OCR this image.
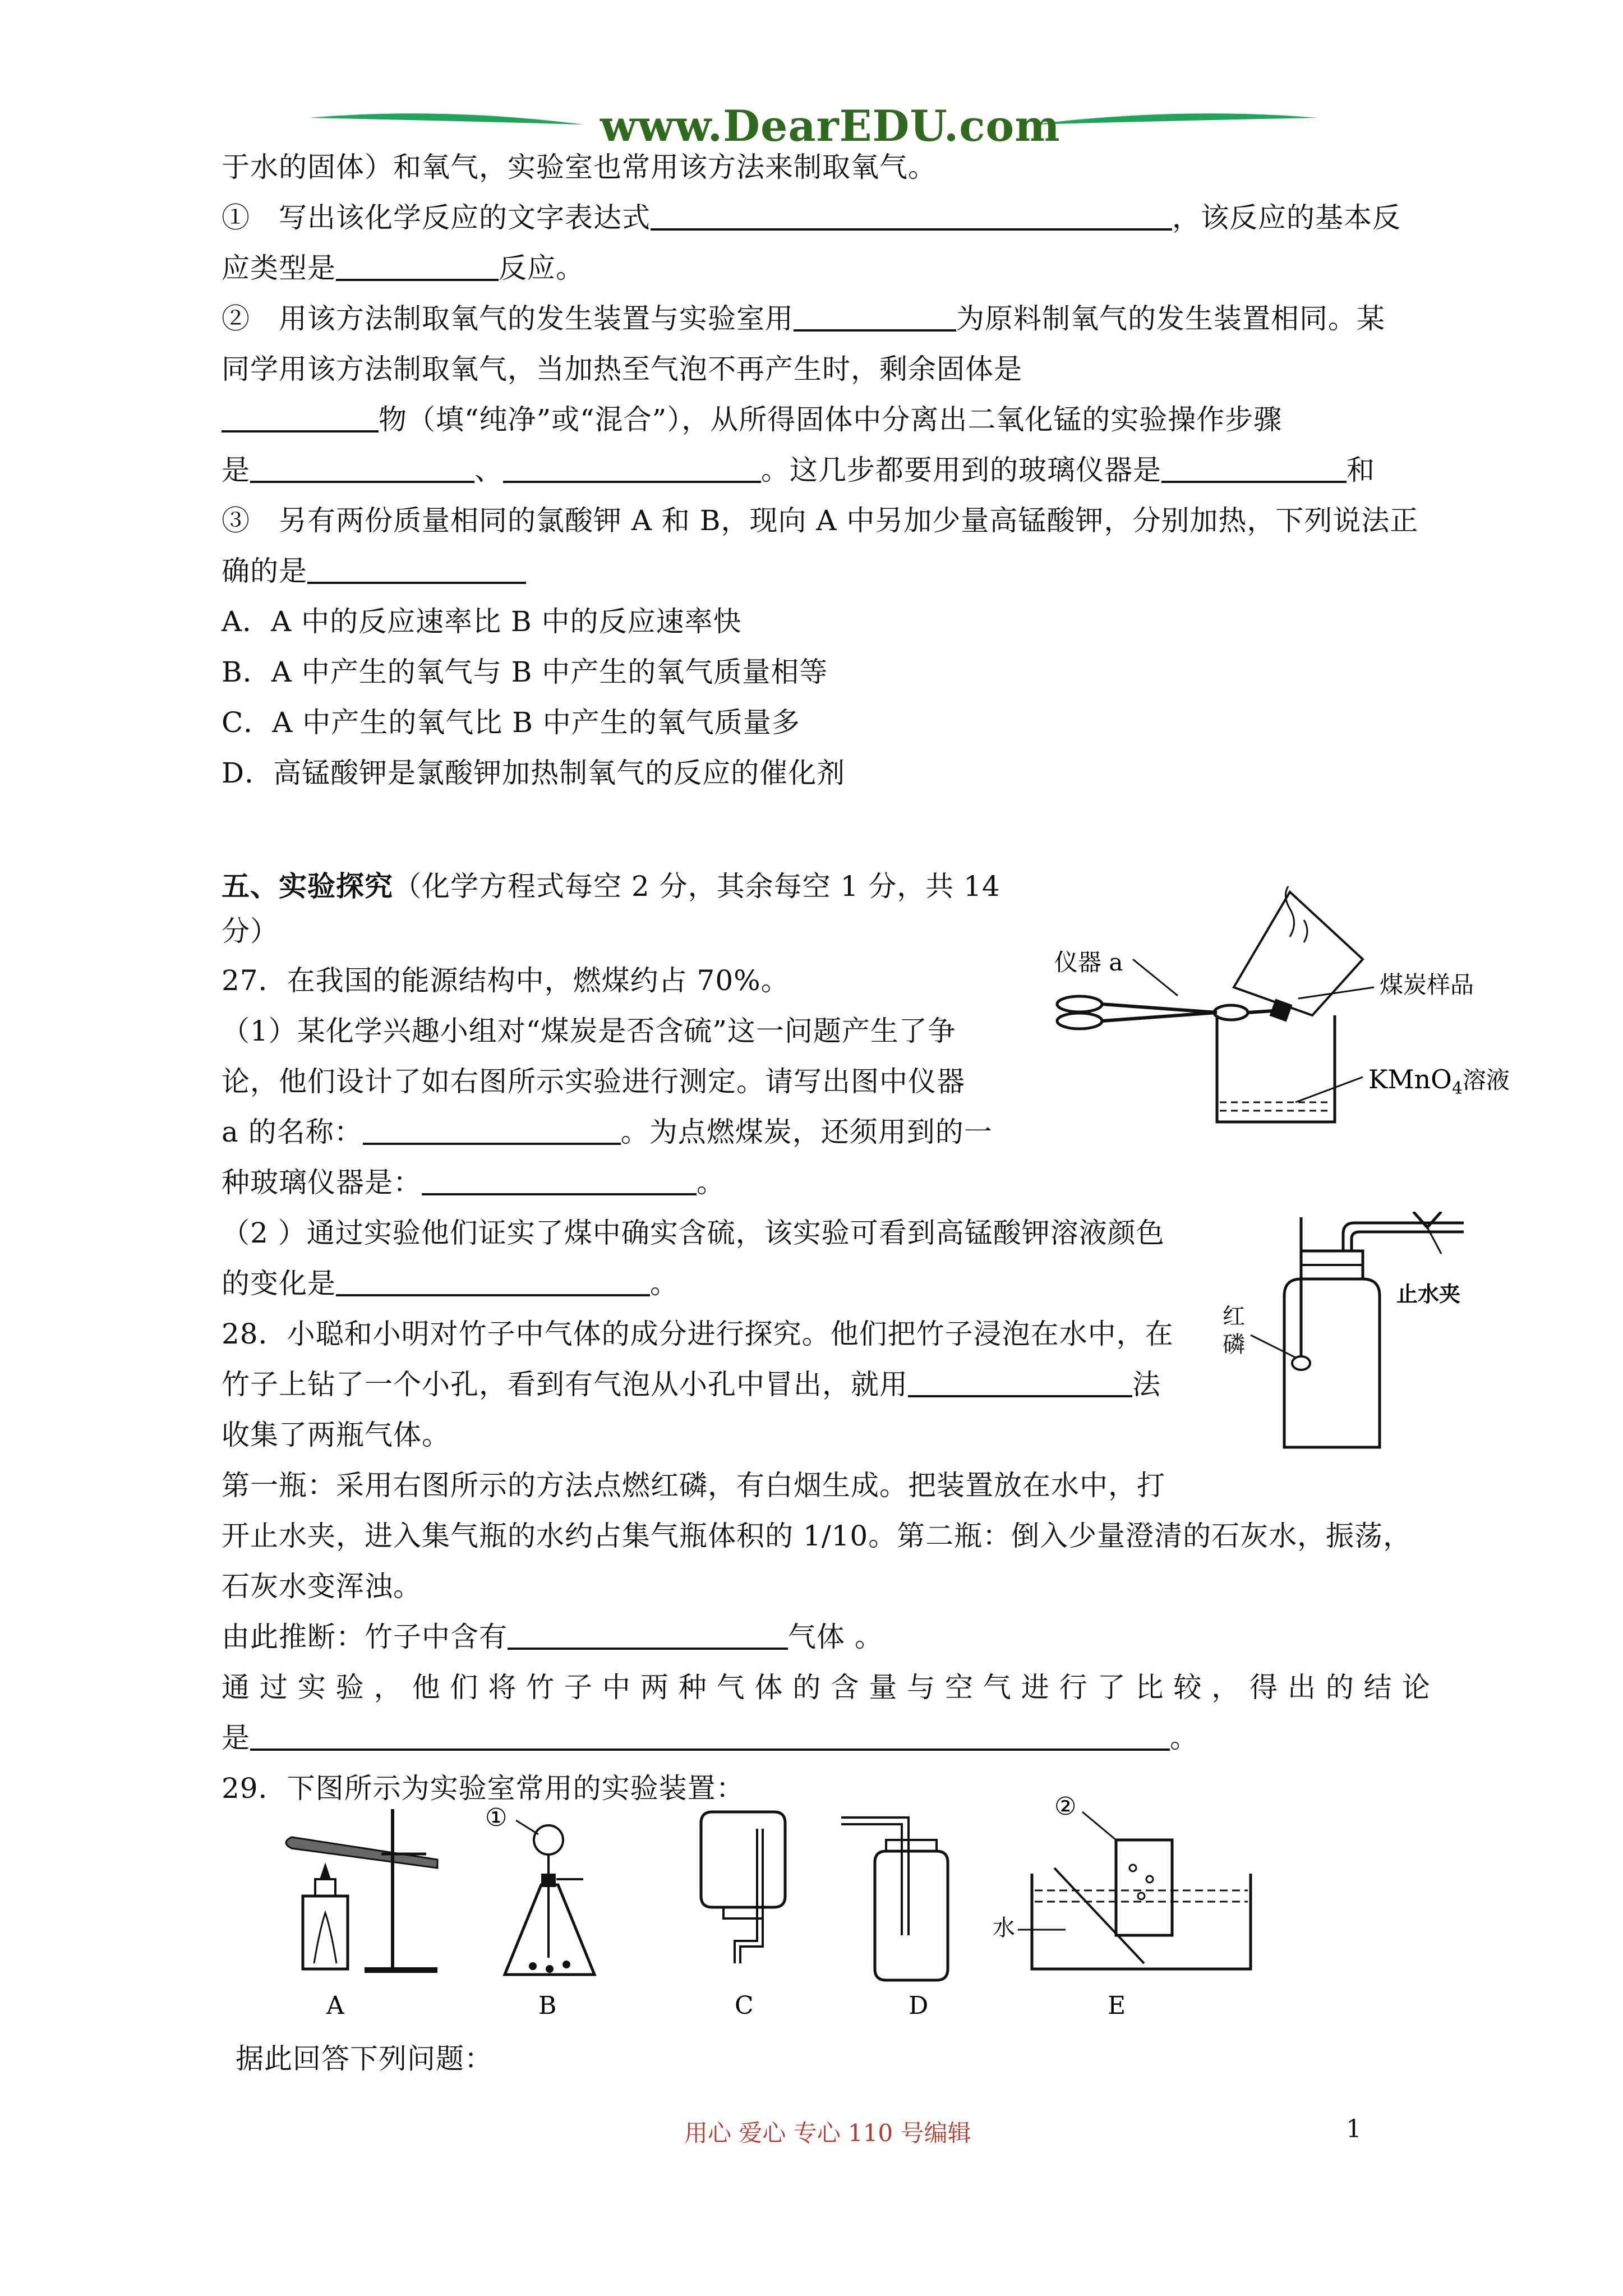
www.DearEDU.com
于水的固体）和氧气，实验室也常用该方法来制取氧气。
①　写出该化学反应的文字表达式	，该反应的基本反
应类型是	反应。
②　用该方法制取氧气的发生装置与实验室用	为原料制氧气的发生装置相同。某
同学用该方法制取氧气，当加热至气泡不再产生时，剩余固体是
物（填“纯净”或“混合”），从所得固体中分离出二氧化锰的实验操作步骤
是	、	。这几步都要用到的玻璃仪器是	和
③　另有两份质量相同的氯酸钾 A 和 B，现向 A 中另加少量高锰酸钾，分别加热，下列说法正
确的是
A．A 中的反应速率比 B 中的反应速率快
B．A 中产生的氧气与 B 中产生的氧气质量相等
C．A 中产生的氧气比 B 中产生的氧气质量多
D．高锰酸钾是氯酸钾加热制氧气的反应的催化剂
五、实验探究（化学方程式每空 2 分，其余每空 1 分，共 14
分）
27．在我国的能源结构中，燃煤约占 70%。
（1）某化学兴趣小组对“煤炭是否含硫”这一问题产生了争
论，他们设计了如右图所示实验进行测定。请写出图中仪器
a 的名称：	。为点燃煤炭，还须用到的一
种玻璃仪器是：	。
（2 ）通过实验他们证实了煤中确实含硫，该实验可看到高锰酸钾溶液颜色
的变化是	。
仪器 a
煤炭样品
KMnO$_4$溶液
28．小聪和小明对竹子中气体的成分进行探究。他们把竹子浸泡在水中，在
竹子上钻了一个小孔，看到有气泡从小孔中冒出，就用	法
收集了两瓶气体。
第一瓶：采用右图所示的方法点燃红磷，有白烟生成。把装置放在水中，打
开止水夹，进入集气瓶的水约占集气瓶体积的 1/10。第二瓶：倒入少量澄清的石灰水，振荡，
石灰水变浑浊。
由此推断：竹子中含有	气体 。
通 过 实 验 ， 他 们 将 竹 子 中 两 种 气 体 的 含 量 与 空 气 进 行 了 比 较 ， 得 出 的 结 论
是	。
红
磷
止水夹
29．下图所示为实验室常用的实验装置：
①	②
水
A	B	C	D	E
据此回答下列问题：
用心 爱心 专心 110 号编辑	1
